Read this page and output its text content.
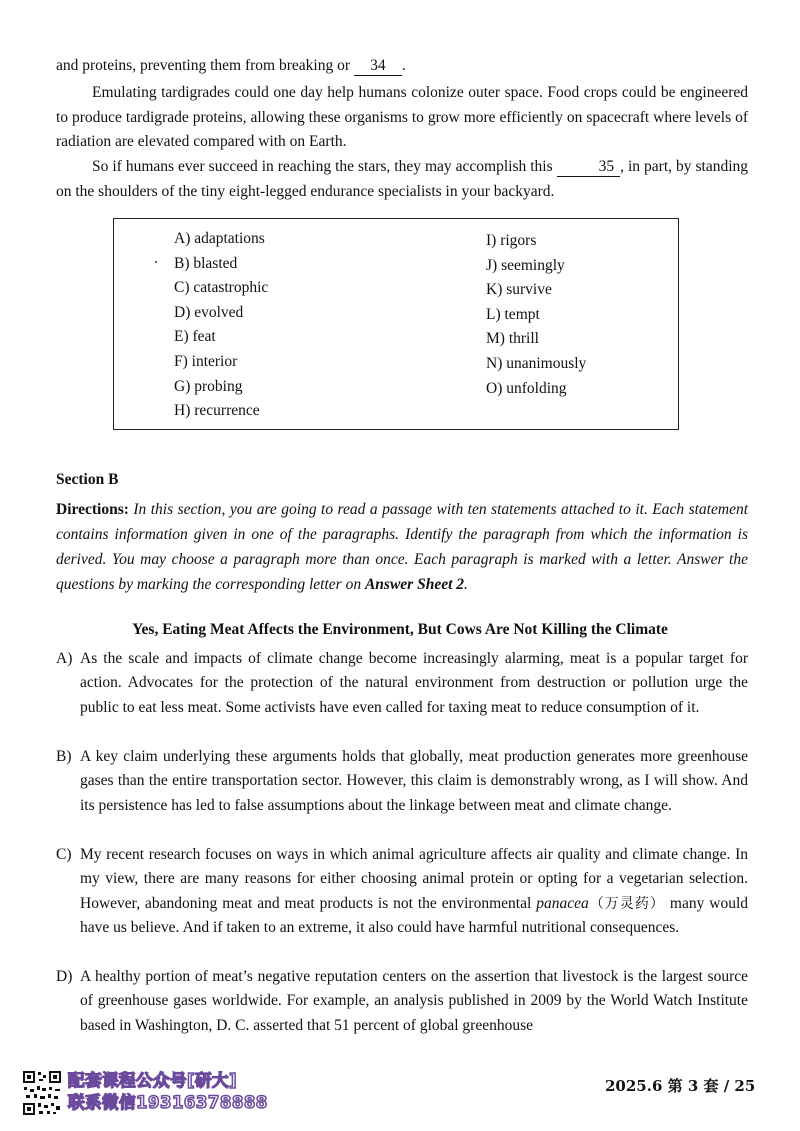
and proteins, preventing them from breaking or 34 .

Emulating tardigrades could one day help humans colonize outer space. Food crops could be engineered to produce tardigrade proteins, allowing these organisms to grow more efficiently on spacecraft where levels of radiation are elevated compared with on Earth.

So if humans ever succeed in reaching the stars, they may accomplish this	35 , in part, by standing on the shoulders of the tiny eight-legged endurance specialists in your backyard.

A) adaptations
B) blasted
C) catastrophic
D) evolved
E) feat
F) interior
G) probing
H) recurrence
I) rigors
J) seemingly
K) survive
L) tempt
M) thrill
N) unanimously
O) unfolding
Section B
Directions: In this section, you are going to read a passage with ten statements attached to it. Each statement contains information given in one of the paragraphs. Identify the paragraph from which the information is derived. You may choose a paragraph more than once. Each paragraph is marked with a letter. Answer the questions by marking the corresponding letter on Answer Sheet 2.
Yes, Eating Meat Affects the Environment, But Cows Are Not Killing the Climate
A) As the scale and impacts of climate change become increasingly alarming, meat is a popular target for action. Advocates for the protection of the natural environment from destruction or pollution urge the public to eat less meat. Some activists have even called for taxing meat to reduce consumption of it.
B) A key claim underlying these arguments holds that globally, meat production generates more greenhouse gases than the entire transportation sector. However, this claim is demonstrably wrong, as I will show. And its persistence has led to false assumptions about the linkage between meat and climate change.
C) My recent research focuses on ways in which animal agriculture affects air quality and climate change. In my view, there are many reasons for either choosing animal protein or opting for a vegetarian selection. However, abandoning meat and meat products is not the environmental panacea（万灵药） many would have us believe. And if taken to an extreme, it also could have harmful nutritional consequences.
D) A healthy portion of meat’s negative reputation centers on the assertion that livestock is the largest source of greenhouse gases worldwide. For example, an analysis published in 2009 by the World Watch Institute based in Washington, D. C. asserted that 51 percent of global greenhouse
配套课程公众号[研大]
联系微信19316378888
2025.6 第 3 套 / 25
